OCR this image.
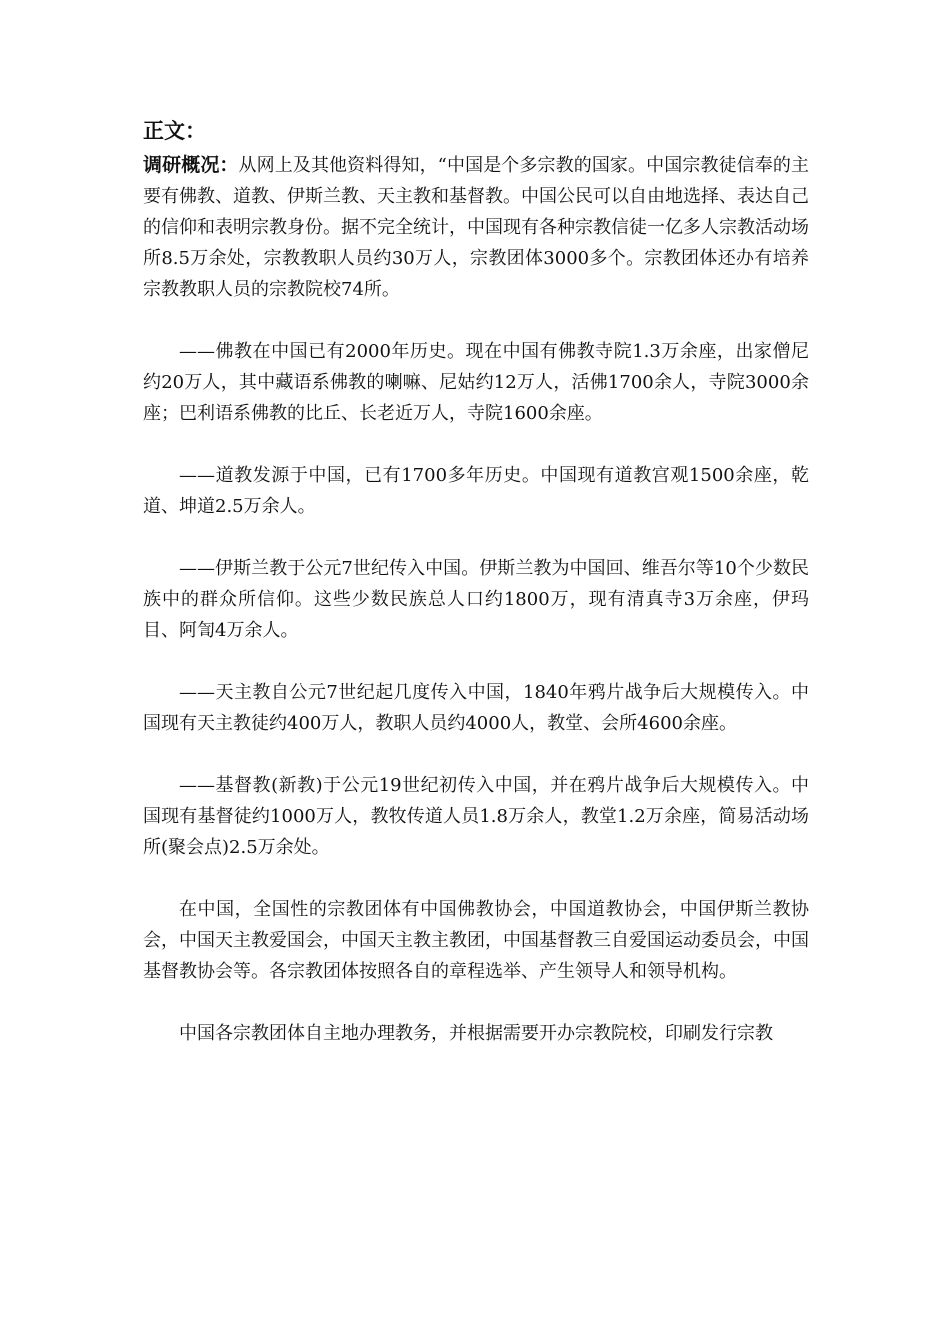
正文：

调研概况：从网上及其他资料得知，“中国是个多宗教的国家。中国宗教徒信奉的主要有佛教、道教、伊斯兰教、天主教和基督教。中国公民可以自由地选择、表达自己的信仰和表明宗教身份。据不完全统计，中国现有各种宗教信徒一亿多人宗教活动场所8.5万余处，宗教教职人员约30万人，宗教团体3000多个。宗教团体还办有培养宗教教职人员的宗教院校74所。

——佛教在中国已有2000年历史。现在中国有佛教寺院1.3万余座，出家僧尼约20万人，其中藏语系佛教的喇嘛、尼姑约12万人，活佛1700余人，寺院3000余座；巴利语系佛教的比丘、长老近万人，寺院1600余座。

——道教发源于中国，已有1700多年历史。中国现有道教宫观1500余座，乾道、坤道2.5万余人。

——伊斯兰教于公元7世纪传入中国。伊斯兰教为中国回、维吾尔等10个少数民族中的群众所信仰。这些少数民族总人口约1800万，现有清真寺3万余座，伊玛目、阿訇4万余人。

——天主教自公元7世纪起几度传入中国，1840年鸦片战争后大规模传入。中国现有天主教徒约400万人，教职人员约4000人，教堂、会所4600余座。

——基督教(新教)于公元19世纪初传入中国，并在鸦片战争后大规模传入。中国现有基督徒约1000万人，教牧传道人员1.8万余人，教堂1.2万余座，简易活动场所(聚会点)2.5万余处。

在中国，全国性的宗教团体有中国佛教协会，中国道教协会，中国伊斯兰教协会，中国天主教爱国会，中国天主教主教团，中国基督教三自爱国运动委员会，中国基督教协会等。各宗教团体按照各自的章程选举、产生领导人和领导机构。

中国各宗教团体自主地办理教务，并根据需要开办宗教院校，印刷发行宗教
